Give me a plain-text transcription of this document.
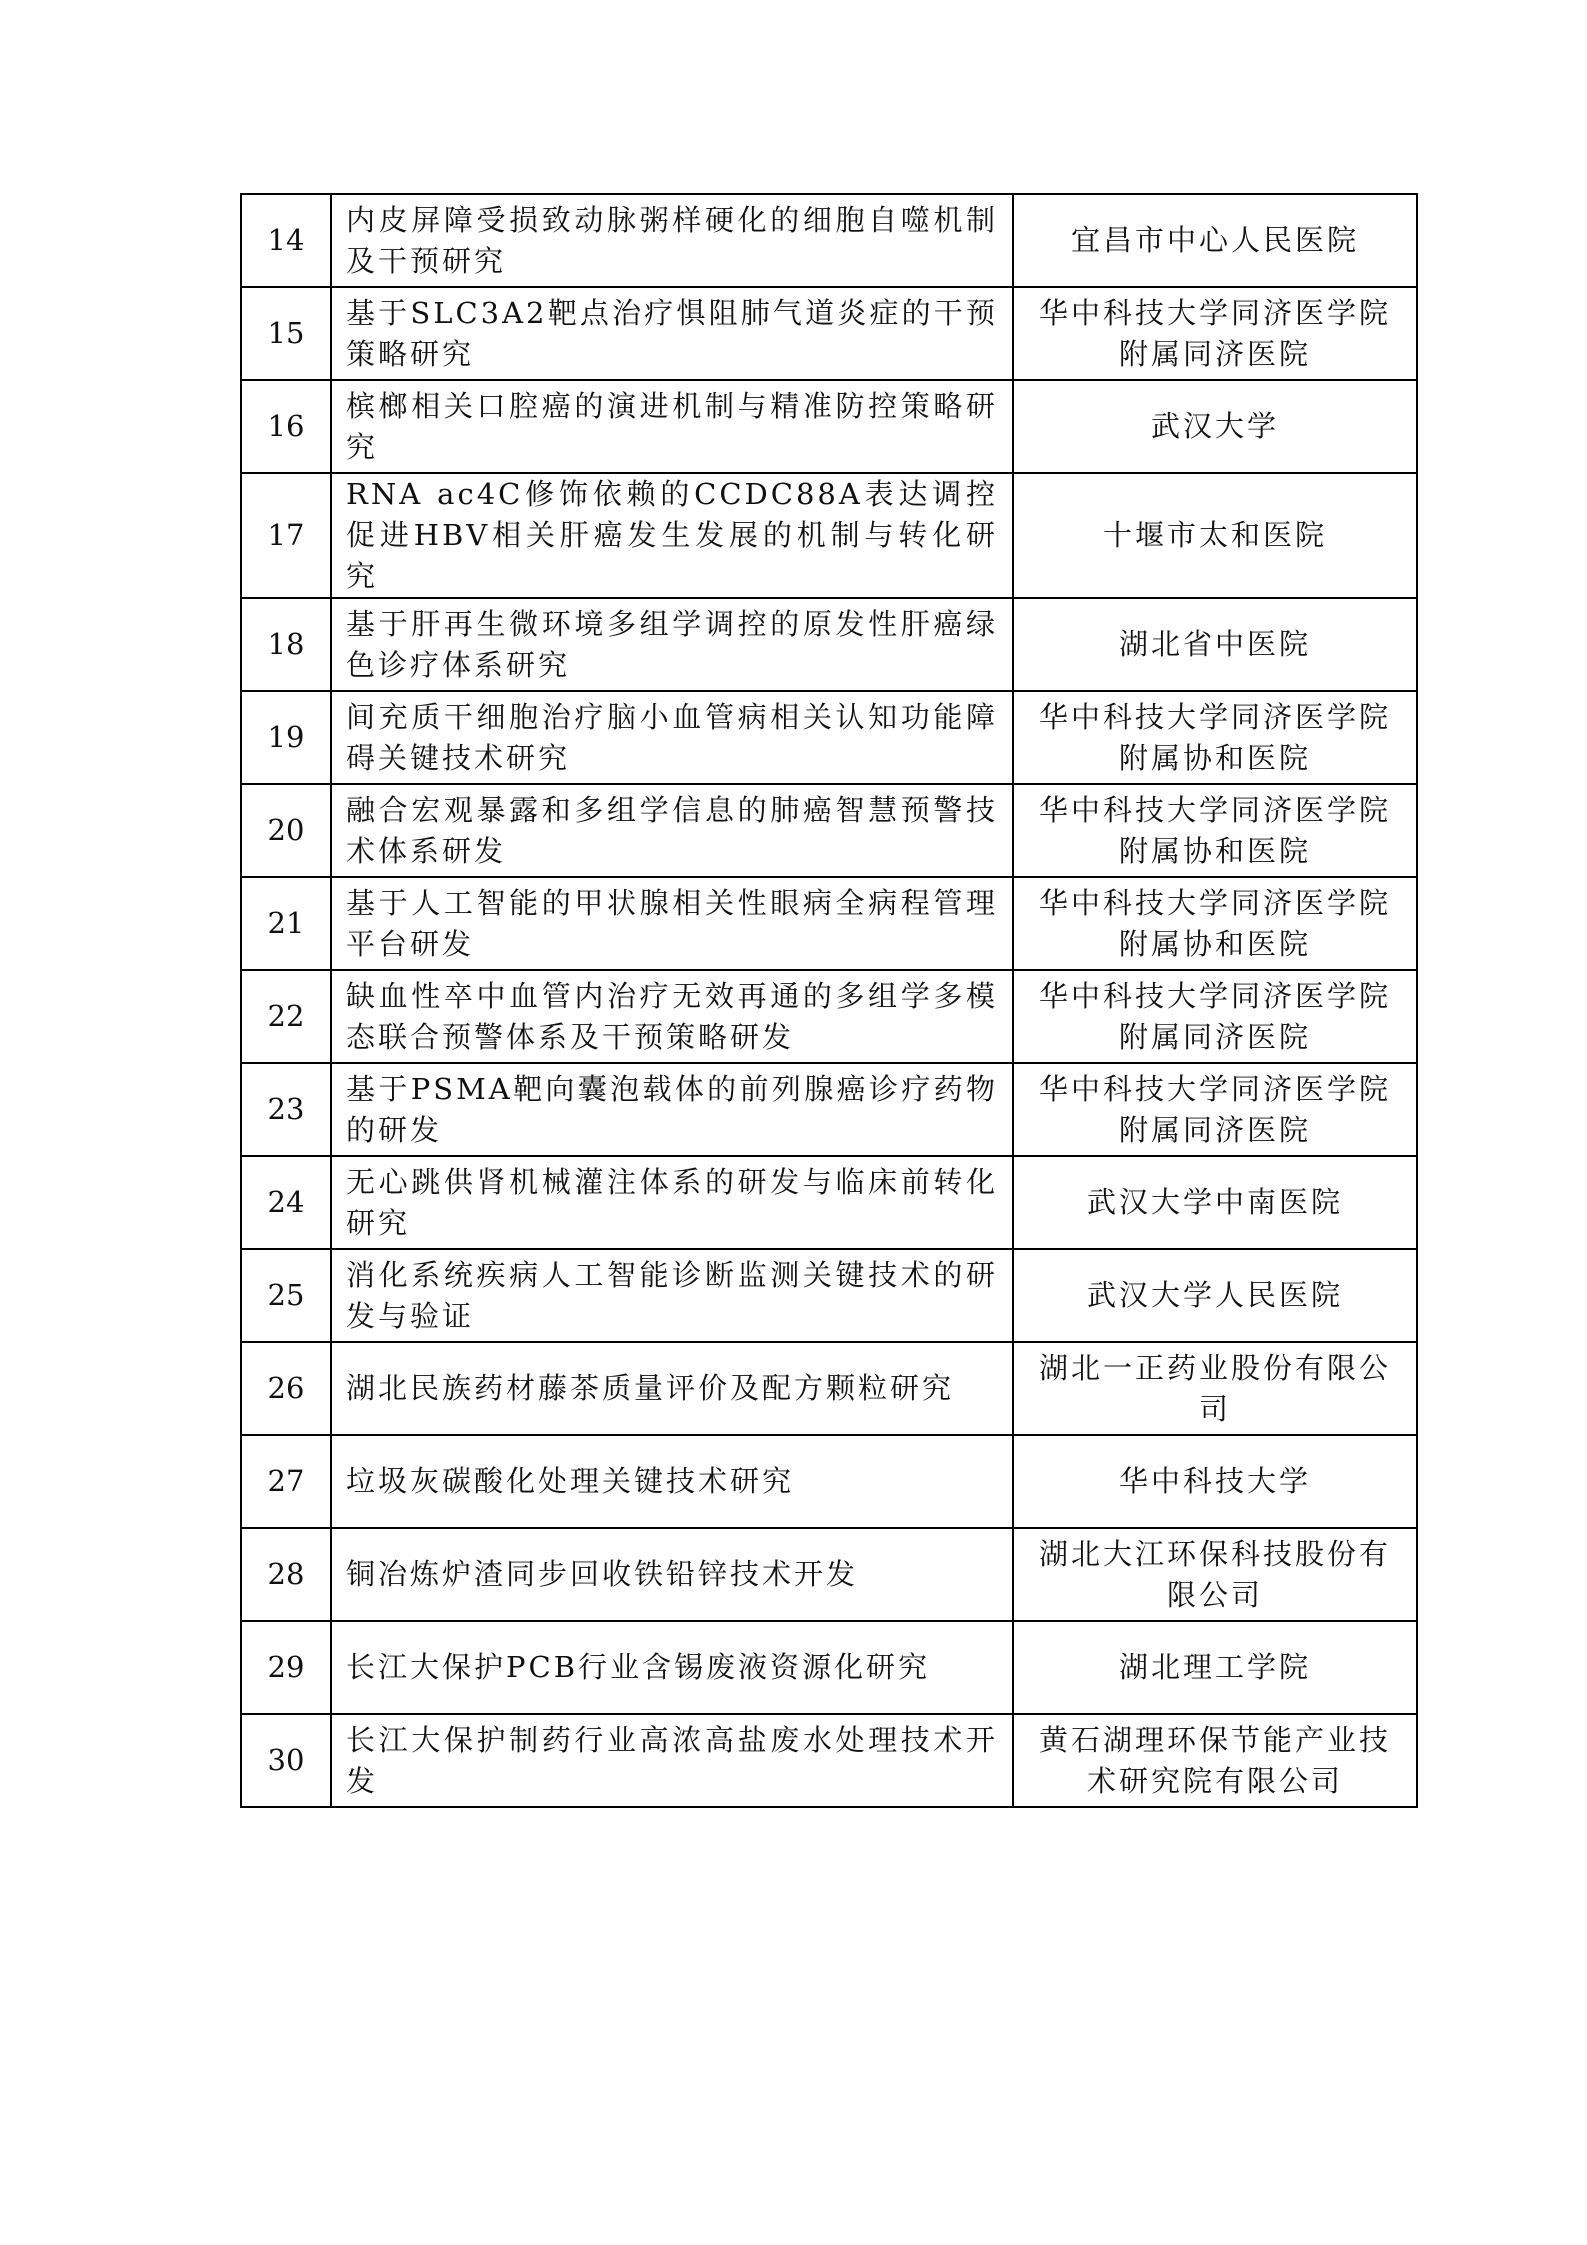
14	内皮屏障受损致动脉粥样硬化的细胞自噬机制及干预研究	宜昌市中心人民医院
15	基于SLC3A2靶点治疗惧阻肺气道炎症的干预策略研究	华中科技大学同济医学院附属同济医院
16	槟榔相关口腔癌的演进机制与精准防控策略研究	武汉大学
17	RNA ac4C修饰依赖的CCDC88A表达调控促进HBV相关肝癌发生发展的机制与转化研究	十堰市太和医院
18	基于肝再生微环境多组学调控的原发性肝癌绿色诊疗体系研究	湖北省中医院
19	间充质干细胞治疗脑小血管病相关认知功能障碍关键技术研究	华中科技大学同济医学院附属协和医院
20	融合宏观暴露和多组学信息的肺癌智慧预警技术体系研发	华中科技大学同济医学院附属协和医院
21	基于人工智能的甲状腺相关性眼病全病程管理平台研发	华中科技大学同济医学院附属协和医院
22	缺血性卒中血管内治疗无效再通的多组学多模态联合预警体系及干预策略研发	华中科技大学同济医学院附属同济医院
23	基于PSMA靶向囊泡载体的前列腺癌诊疗药物的研发	华中科技大学同济医学院附属同济医院
24	无心跳供肾机械灌注体系的研发与临床前转化研究	武汉大学中南医院
25	消化系统疾病人工智能诊断监测关键技术的研发与验证	武汉大学人民医院
26	湖北民族药材藤茶质量评价及配方颗粒研究	湖北一正药业股份有限公司
27	垃圾灰碳酸化处理关键技术研究	华中科技大学
28	铜冶炼炉渣同步回收铁铅锌技术开发	湖北大江环保科技股份有限公司
29	长江大保护PCB行业含锡废液资源化研究	湖北理工学院
30	长江大保护制药行业高浓高盐废水处理技术开发	黄石湖理环保节能产业技术研究院有限公司
